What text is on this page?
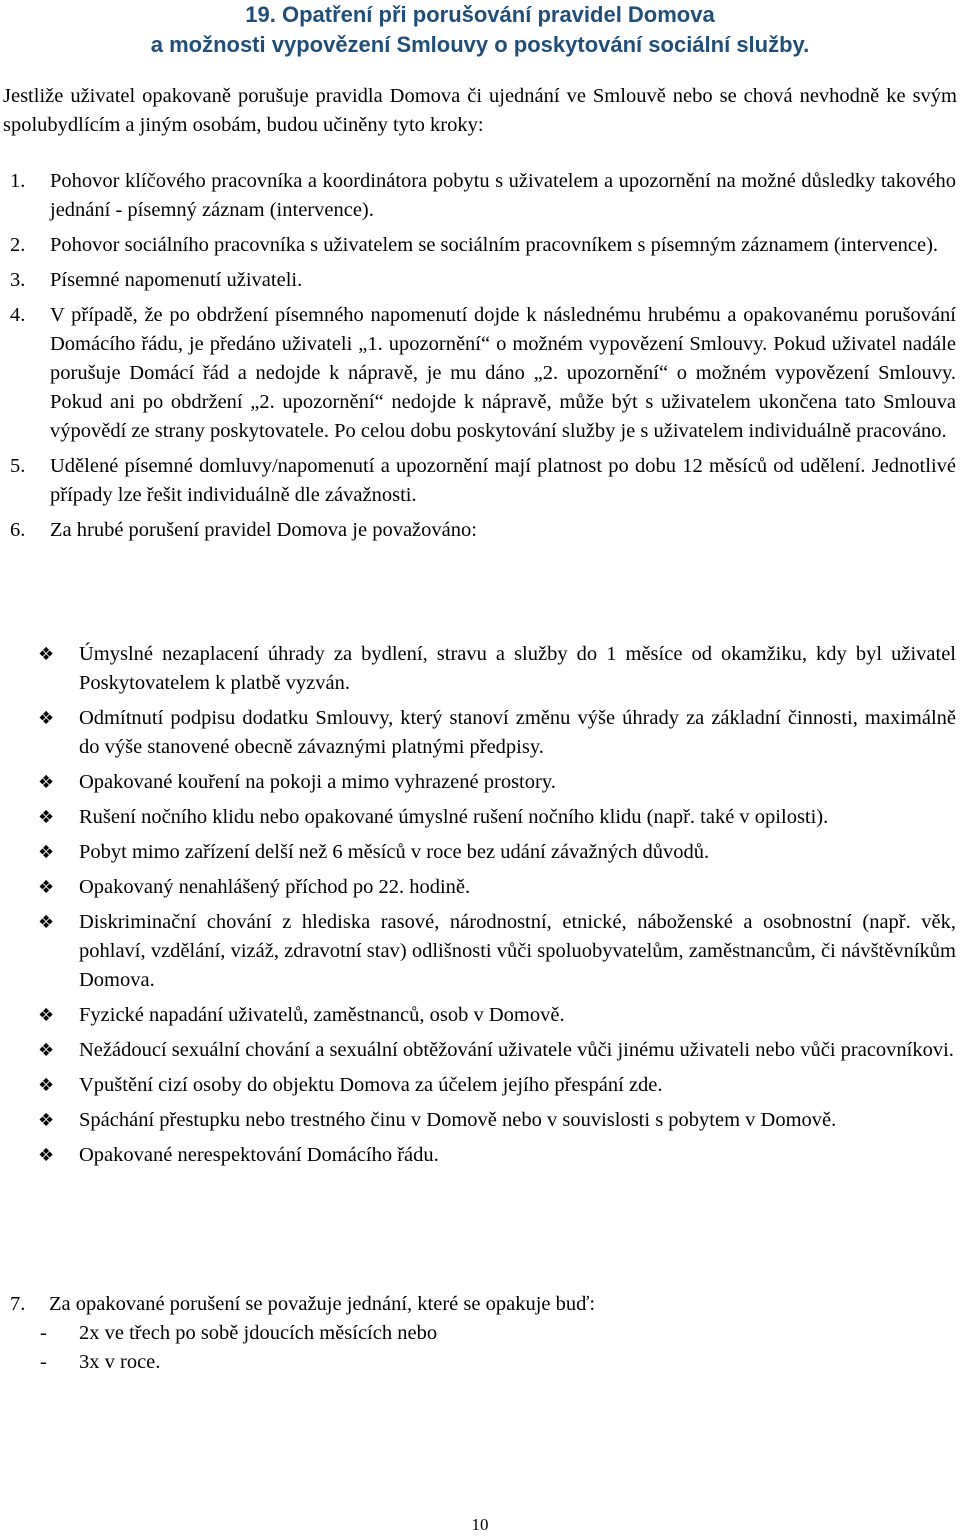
19. Opatření při porušování pravidel Domova
a možnosti vypovězení Smlouvy o poskytování sociální služby.

Jestliže uživatel opakovaně porušuje pravidla Domova či ujednání ve Smlouvě nebo se chová nevhodně ke svým spolubydlícím a jiným osobám, budou učiněny tyto kroky:

1. Pohovor klíčového pracovníka a koordinátora pobytu s uživatelem a upozornění na možné důsledky takového jednání - písemný záznam (intervence).
2. Pohovor sociálního pracovníka s uživatelem se sociálním pracovníkem s písemným záznamem (intervence).
3. Písemné napomenutí uživateli.
4. V případě, že po obdržení písemného napomenutí dojde k následnému hrubému a opakovanému porušování Domácího řádu, je předáno uživateli „1. upozornění“ o možném vypovězení Smlouvy. Pokud uživatel nadále porušuje Domácí řád a nedojde k nápravě, je mu dáno „2. upozornění“ o možném vypovězení Smlouvy. Pokud ani po obdržení „2. upozornění“ nedojde k nápravě, může být s uživatelem ukončena tato Smlouva výpovědí ze strany poskytovatele. Po celou dobu poskytování služby je s uživatelem individuálně pracováno.
5. Udělené písemné domluvy/napomenutí a upozornění mají platnost po dobu 12 měsíců od udělení. Jednotlivé případy lze řešit individuálně dle závažnosti.
6. Za hrubé porušení pravidel Domova je považováno:
❖ Úmyslné nezaplacení úhrady za bydlení, stravu a služby do 1 měsíce od okamžiku, kdy byl uživatel Poskytovatelem k platbě vyzván.
❖ Odmítnutí podpisu dodatku Smlouvy, který stanoví změnu výše úhrady za základní činnosti, maximálně do výše stanovené obecně závaznými platnými předpisy.
❖ Opakované kouření na pokoji a mimo vyhrazené prostory.
❖ Rušení nočního klidu nebo opakované úmyslné rušení nočního klidu (např. také v opilosti).
❖ Pobyt mimo zařízení delší než 6 měsíců v roce bez udání závažných důvodů.
❖ Opakovaný nenahlášený příchod po 22. hodině.
❖ Diskriminační chování z hlediska rasové, národnostní, etnické, náboženské a osobnostní (např. věk, pohlaví, vzdělání, vizáž, zdravotní stav) odlišnosti vůči spoluobyvatelům, zaměstnancům, či návštěvníkům Domova.
❖ Fyzické napadání uživatelů, zaměstnanců, osob v Domově.
❖ Nežádoucí sexuální chování a sexuální obtěžování uživatele vůči jinému uživateli nebo vůči pracovníkovi.
❖ Vpuštění cizí osoby do objektu Domova za účelem jejího přespání zde.
❖ Spáchání přestupku nebo trestného činu v Domově nebo v souvislosti s pobytem v Domově.
❖ Opakované nerespektování Domácího řádu.
7. Za opakované porušení se považuje jednání, které se opakuje buď:
- 2x ve třech po sobě jdoucích měsících nebo
- 3x v roce.
10
